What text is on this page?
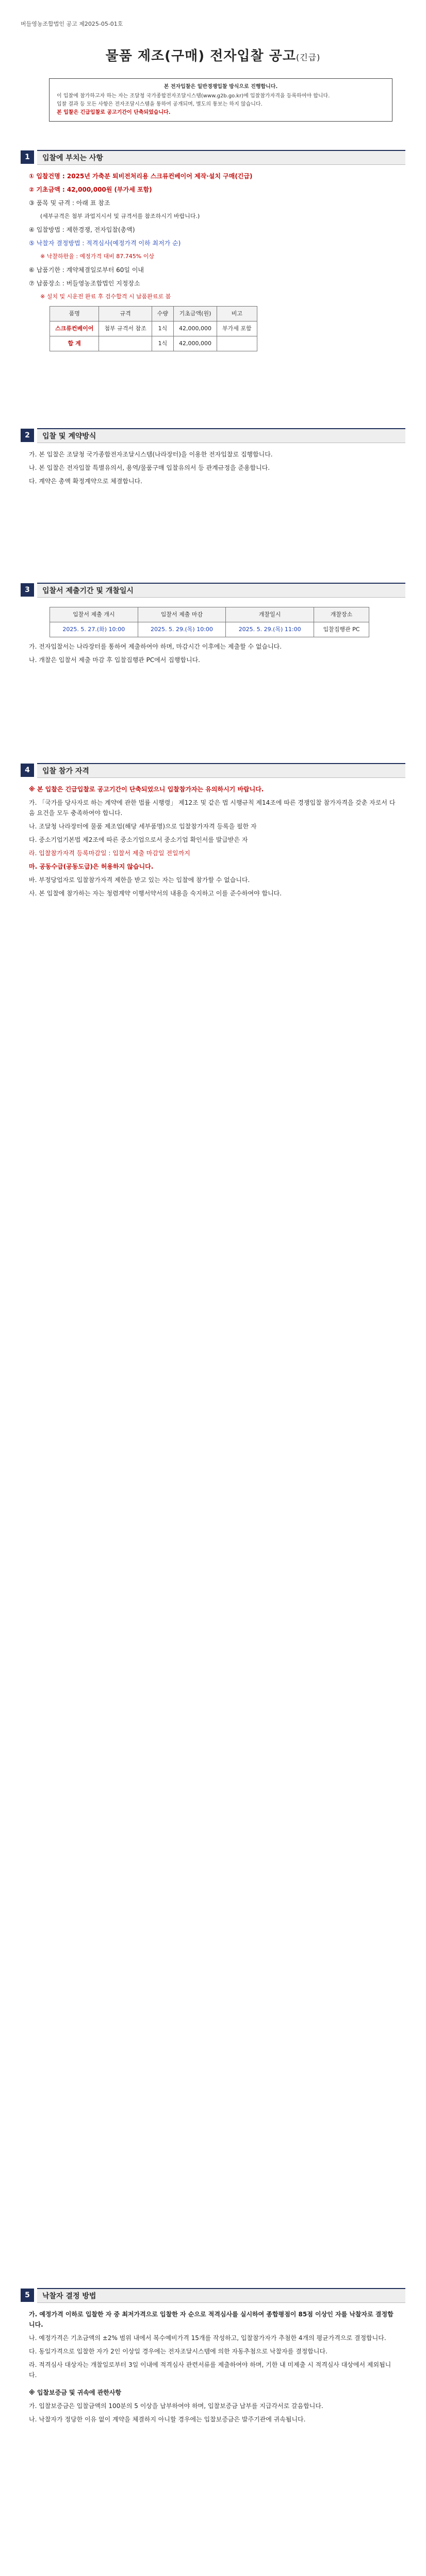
버들영농조합법인 공고 제2025-05-01호
물품 제조(구매) 전자입찰 공고(긴급)
본 전자입찰은 일반경쟁입찰 방식으로 진행합니다.
이 입찰에 참가하고자 하는 자는 조달청 국가종합전자조달시스템(www.g2b.go.kr)에 입찰참가자격을 등록하여야 합니다.
입찰 결과 등 모든 사항은 전자조달시스템을 통하여 공개되며, 별도의 통보는 하지 않습니다.
본 입찰은 긴급입찰로 공고기간이 단축되었습니다.
1	입찰에 부치는 사항

① 입찰건명 : 2025년 가축분 퇴비전처리용 스크류컨베이어 제작·설치 구매(긴급)

② 기초금액 : 42,000,000원 (부가세 포함)

③ 품목 및 규격 : 아래 표 참조

(세부규격은 첨부 과업지시서 및 규격서를 참조하시기 바랍니다.)

④ 입찰방법 : 제한경쟁, 전자입찰(총액)

⑤ 낙찰자 결정방법 : 적격심사(예정가격 이하 최저가 순)

※ 낙찰하한율 : 예정가격 대비 87.745% 이상

⑥ 납품기한 : 계약체결일로부터 60일 이내

⑦ 납품장소 : 버들영농조합법인 지정장소

※ 설치 및 시운전 완료 후 검수합격 시 납품완료로 봄

품명	규격	수량	기초금액(원)	비고
스크류컨베이어	첨부 규격서 참조	1식	42,000,000	부가세 포함
합 계		1식	42,000,000	
2	입찰 및 계약방식

가. 본 입찰은 조달청 국가종합전자조달시스템(나라장터)을 이용한 전자입찰로 집행합니다.

나. 본 입찰은 전자입찰 특별유의서, 용역/물품구매 입찰유의서 등 관계규정을 준용합니다.

다. 계약은 총액 확정계약으로 체결합니다.

3	입찰서 제출기간 및 개찰일시
입찰서 제출 개시	입찰서 제출 마감	개찰일시	개찰장소
2025. 5. 27.(화) 10:00	2025. 5. 29.(목) 10:00	2025. 5. 29.(목) 11:00	입찰집행관 PC

가. 전자입찰서는 나라장터를 통하여 제출하여야 하며, 마감시간 이후에는 제출할 수 없습니다.

나. 개찰은 입찰서 제출 마감 후 입찰집행관 PC에서 집행합니다.

4	입찰 참가 자격

※ 본 입찰은 긴급입찰로 공고기간이 단축되었으니 입찰참가자는 유의하시기 바랍니다.

가. 「국가를 당사자로 하는 계약에 관한 법률 시행령」 제12조 및 같은 법 시행규칙 제14조에 따른 경쟁입찰 참가자격을 갖춘 자로서 다음 요건을 모두 충족하여야 합니다.

나. 조달청 나라장터에 물품 제조업(해당 세부품명)으로 입찰참가자격 등록을 필한 자

다. 중소기업기본법 제2조에 따른 중소기업으로서 중소기업 확인서를 발급받은 자

라. 입찰참가자격 등록마감일 : 입찰서 제출 마감일 전일까지

마. 공동수급(공동도급)은 허용하지 않습니다.

바. 부정당업자로 입찰참가자격 제한을 받고 있는 자는 입찰에 참가할 수 없습니다.

사. 본 입찰에 참가하는 자는 청렴계약 이행서약서의 내용을 숙지하고 이를 준수하여야 합니다.

5	낙찰자 결정 방법

가. 예정가격 이하로 입찰한 자 중 최저가격으로 입찰한 자 순으로 적격심사를 실시하여 종합평점이 85점 이상인 자를 낙찰자로 결정합니다.

나. 예정가격은 기초금액의 ±2% 범위 내에서 복수예비가격 15개를 작성하고, 입찰참가자가 추첨한 4개의 평균가격으로 결정합니다.

다. 동일가격으로 입찰한 자가 2인 이상일 경우에는 전자조달시스템에 의한 자동추첨으로 낙찰자를 결정합니다.

라. 적격심사 대상자는 개찰일로부터 3일 이내에 적격심사 관련서류를 제출하여야 하며, 기한 내 미제출 시 적격심사 대상에서 제외됩니다.

※ 입찰보증금 및 귀속에 관한사항

가. 입찰보증금은 입찰금액의 100분의 5 이상을 납부하여야 하며, 입찰보증금 납부를 지급각서로 갈음합니다.

나. 낙찰자가 정당한 이유 없이 계약을 체결하지 아니할 경우에는 입찰보증금은 발주기관에 귀속됩니다.
